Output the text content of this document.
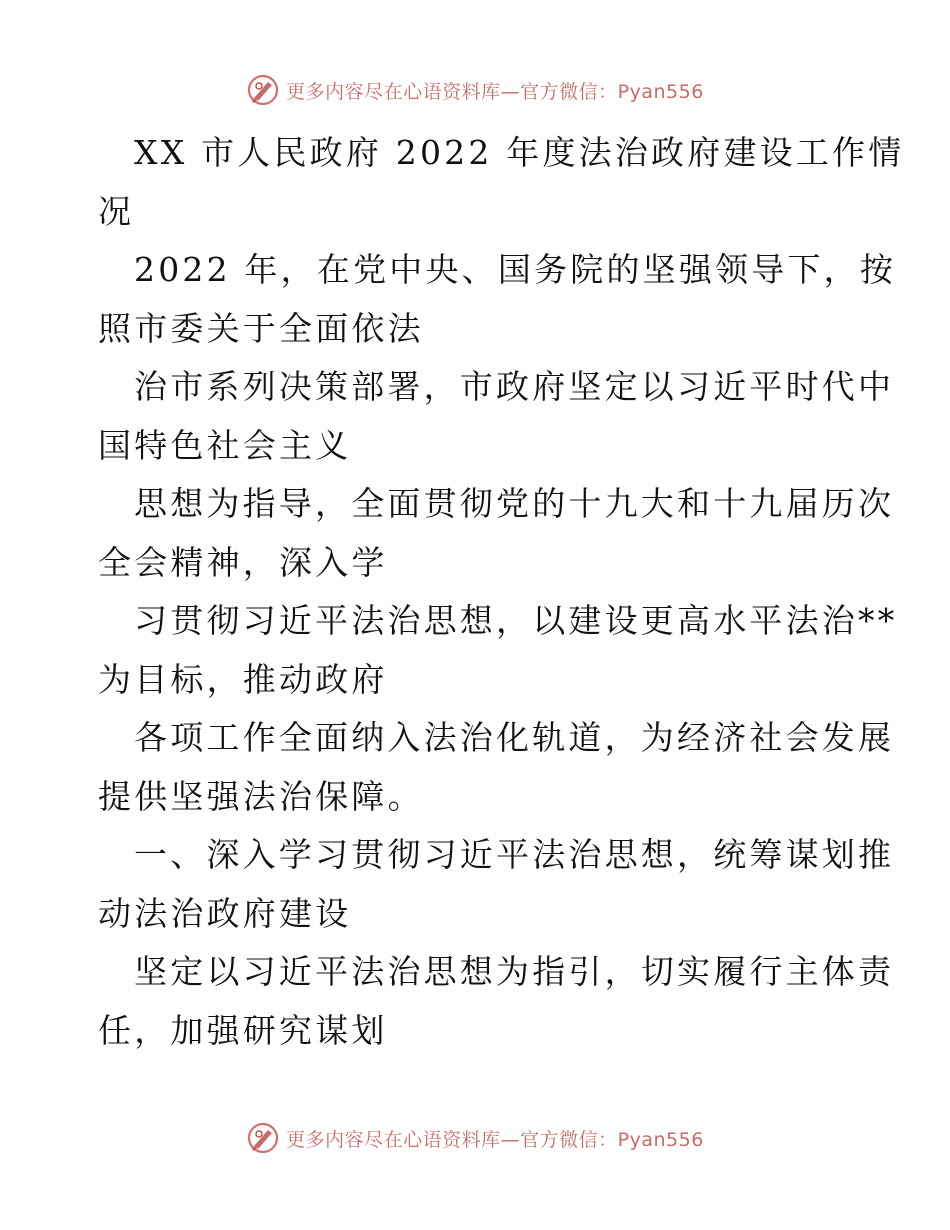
更多内容尽在心语资料库—官方微信：Pyan556
XX 市人民政府 2022 年度法治政府建设工作情
况
2022 年，在党中央、国务院的坚强领导下，按
照市委关于全面依法
治市系列决策部署，市政府坚定以习近平时代中
国特色社会主义
思想为指导，全面贯彻党的十九大和十九届历次
全会精神，深入学
习贯彻习近平法治思想，以建设更高水平法治**
为目标，推动政府
各项工作全面纳入法治化轨道，为经济社会发展
提供坚强法治保障。
一、深入学习贯彻习近平法治思想，统筹谋划推
动法治政府建设
坚定以习近平法治思想为指引，切实履行主体责
任，加强研究谋划
更多内容尽在心语资料库—官方微信：Pyan556
